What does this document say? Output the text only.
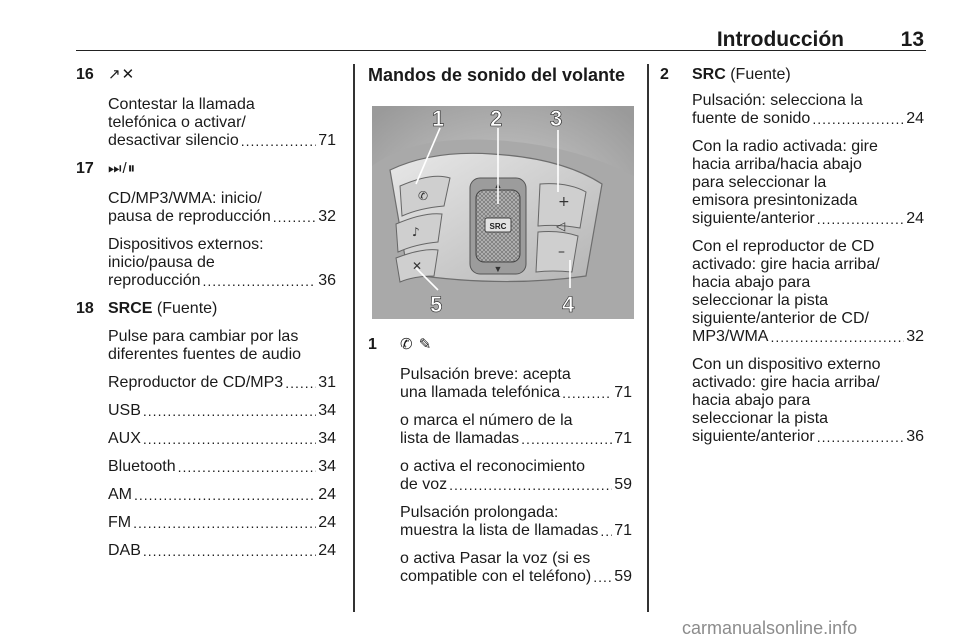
Introducción	13
16 ↗︎✕

Contestar la llamada
telefónica o activar/
desactivar silencio .....	71

17 ⏭/⏸

CD/MP3/WMA: inicio/
pausa de reproducción .....	32

Dispositivos externos:
inicio/pausa de
reproducción .....	36

18 SRCE (Fuente)

Pulse para cambiar por las
diferentes fuentes de audio

Reproductor de CD/MP3 ..... 31

USB .....	34

AUX .....	34

Bluetooth .....	34

AM .....	24

FM .....	24

DAB .....	24

Mandos de sonido del volante

✆
♪
✕
SRC
▲
▼
+
◁
–
1 2 3
4
5
1 ✆ ✎

Pulsación breve: acepta
una llamada telefónica .....	71

o marca el número de la
lista de llamadas .....	71

o activa el reconocimiento
de voz .....	59

Pulsación prolongada:
muestra la lista de llamadas ..... 71

o activa Pasar la voz (si es
compatible con el teléfono) ..... 59

2 SRC (Fuente)

Pulsación: selecciona la
fuente de sonido .....	24

Con la radio activada: gire
hacia arriba/hacia abajo
para seleccionar la
emisora presintonizada
siguiente/anterior .....	24

Con el reproductor de CD
activado: gire hacia arriba/
hacia abajo para
seleccionar la pista
siguiente/anterior de CD/
MP3/WMA .....	32

Con un dispositivo externo
activado: gire hacia arriba/
hacia abajo para
seleccionar la pista
siguiente/anterior .....	36

carmanualsonline.info
